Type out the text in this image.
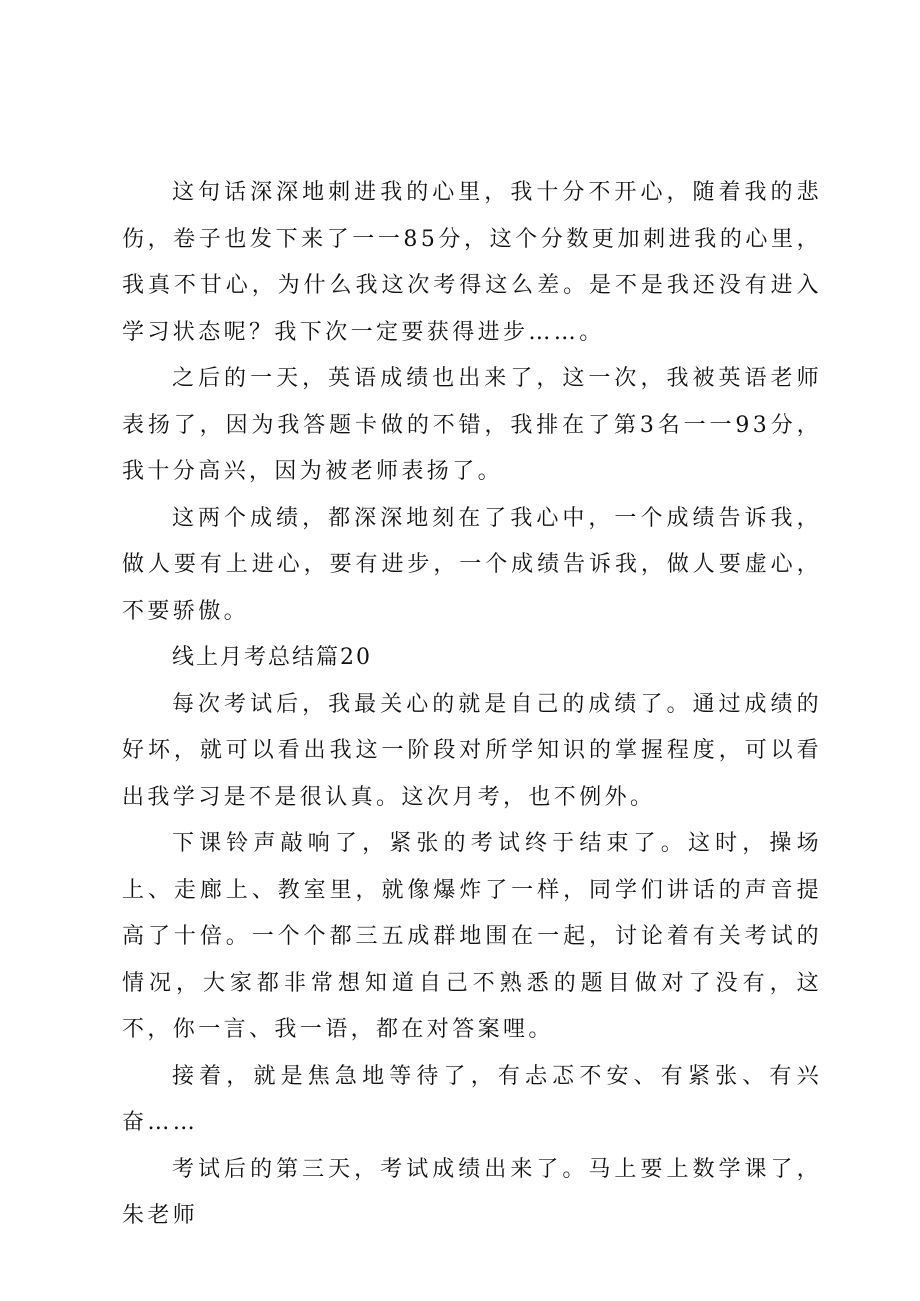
这句话深深地刺进我的心里，我十分不开心，随着我的悲伤，卷子也发下来了一一85分，这个分数更加刺进我的心里，我真不甘心，为什么我这次考得这么差。是不是我还没有进入学习状态呢？我下次一定要获得进步……。

之后的一天，英语成绩也出来了，这一次，我被英语老师表扬了，因为我答题卡做的不错，我排在了第3名一一93分，我十分高兴，因为被老师表扬了。

这两个成绩，都深深地刻在了我心中，一个成绩告诉我，做人要有上进心，要有进步，一个成绩告诉我，做人要虚心，不要骄傲。

线上月考总结篇20

每次考试后，我最关心的就是自己的成绩了。通过成绩的好坏，就可以看出我这一阶段对所学知识的掌握程度，可以看出我学习是不是很认真。这次月考，也不例外。

下课铃声敲响了，紧张的考试终于结束了。这时，操场上、走廊上、教室里，就像爆炸了一样，同学们讲话的声音提高了十倍。一个个都三五成群地围在一起，讨论着有关考试的情况，大家都非常想知道自己不熟悉的题目做对了没有，这不，你一言、我一语，都在对答案哩。

接着，就是焦急地等待了，有忐忑不安、有紧张、有兴奋……

考试后的第三天，考试成绩出来了。马上要上数学课了，朱老师
